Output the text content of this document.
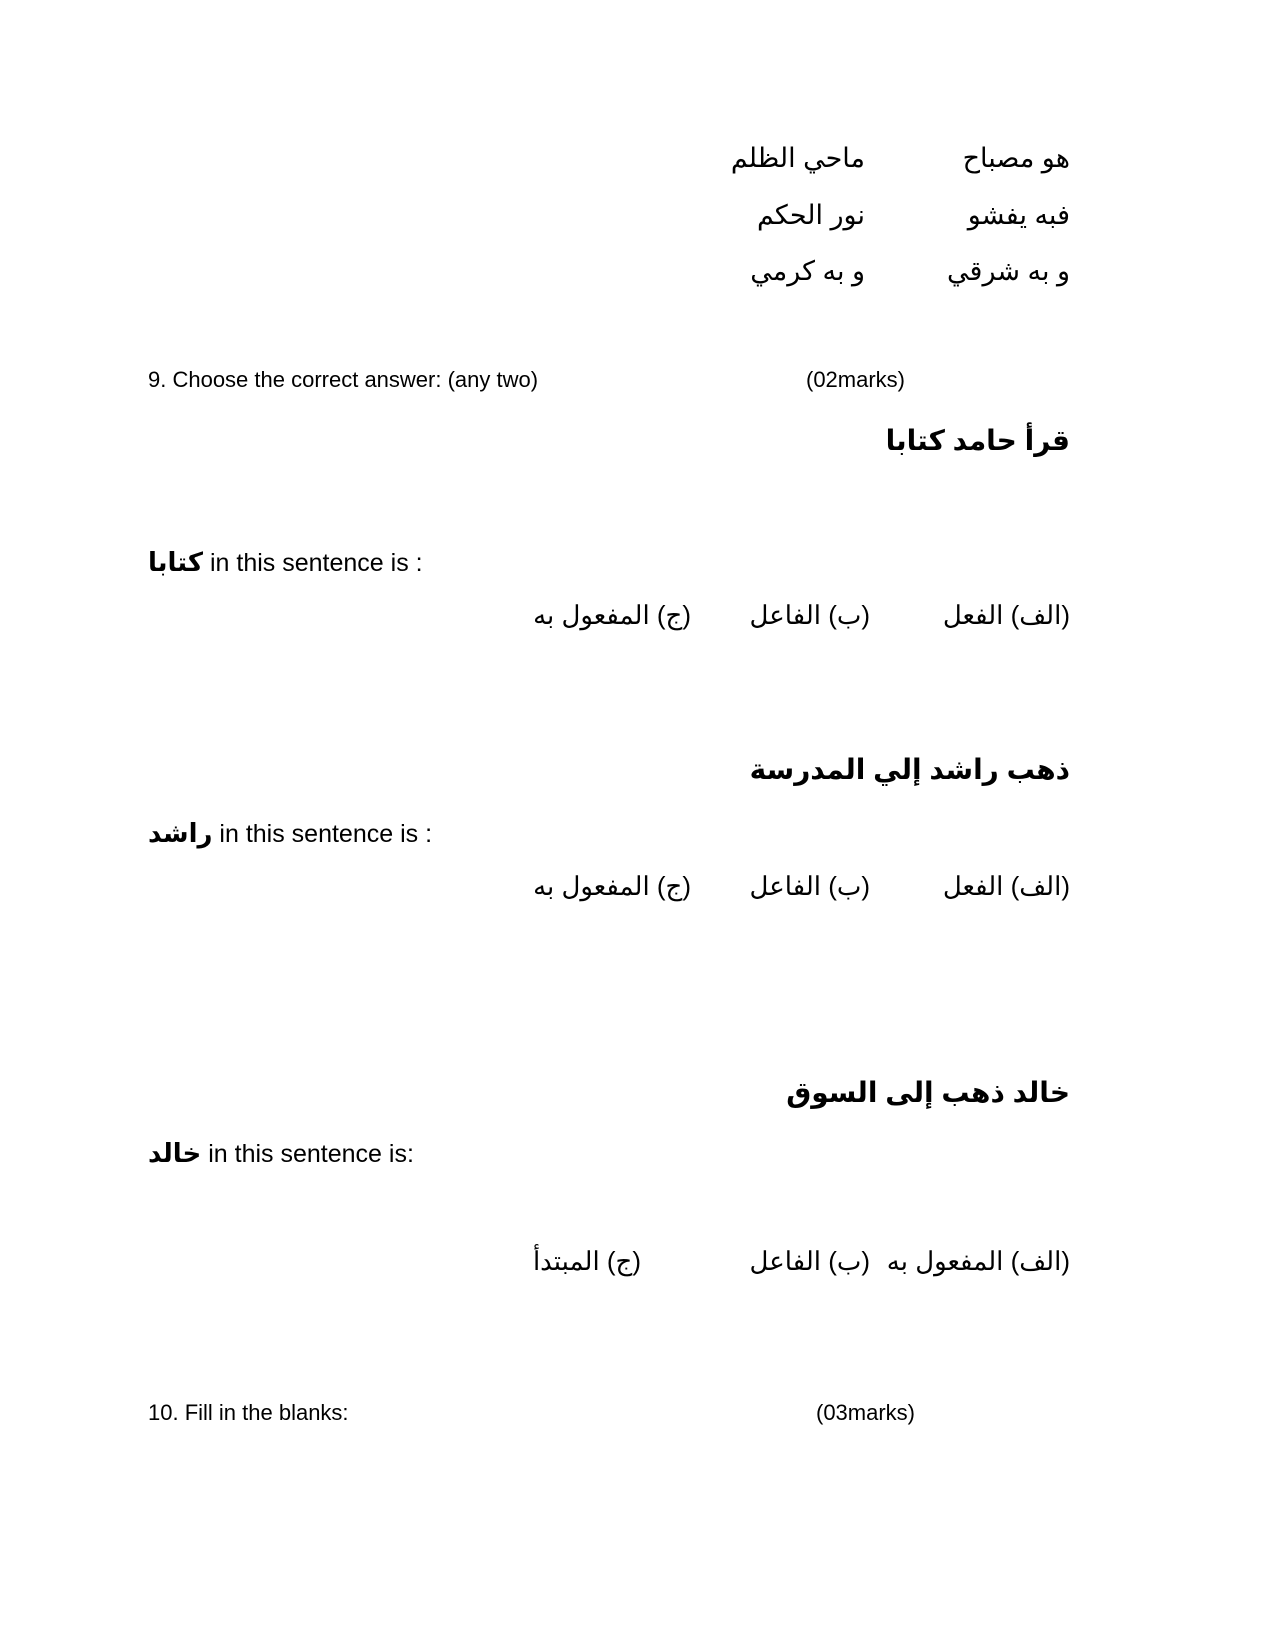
هو مصباح
ماحي الظلم
فبه يفشو
نور الحكم
و به شرقي
و به كرمي
9. Choose the correct answer: (any two)	(02marks)
قرأ حامد كتابا
كتابا in this sentence is :
(الف) الفعل
(ب) الفاعل
(ج) المفعول به
ذهب راشد إلي المدرسة
راشد in this sentence is :
(الف) الفعل
(ب) الفاعل
(ج) المفعول به
خالد ذهب إلى السوق
خالد in this sentence is:
(الف) المفعول به
(ب) الفاعل
(ج) المبتدأ
10. Fill in the blanks:	(03marks)
